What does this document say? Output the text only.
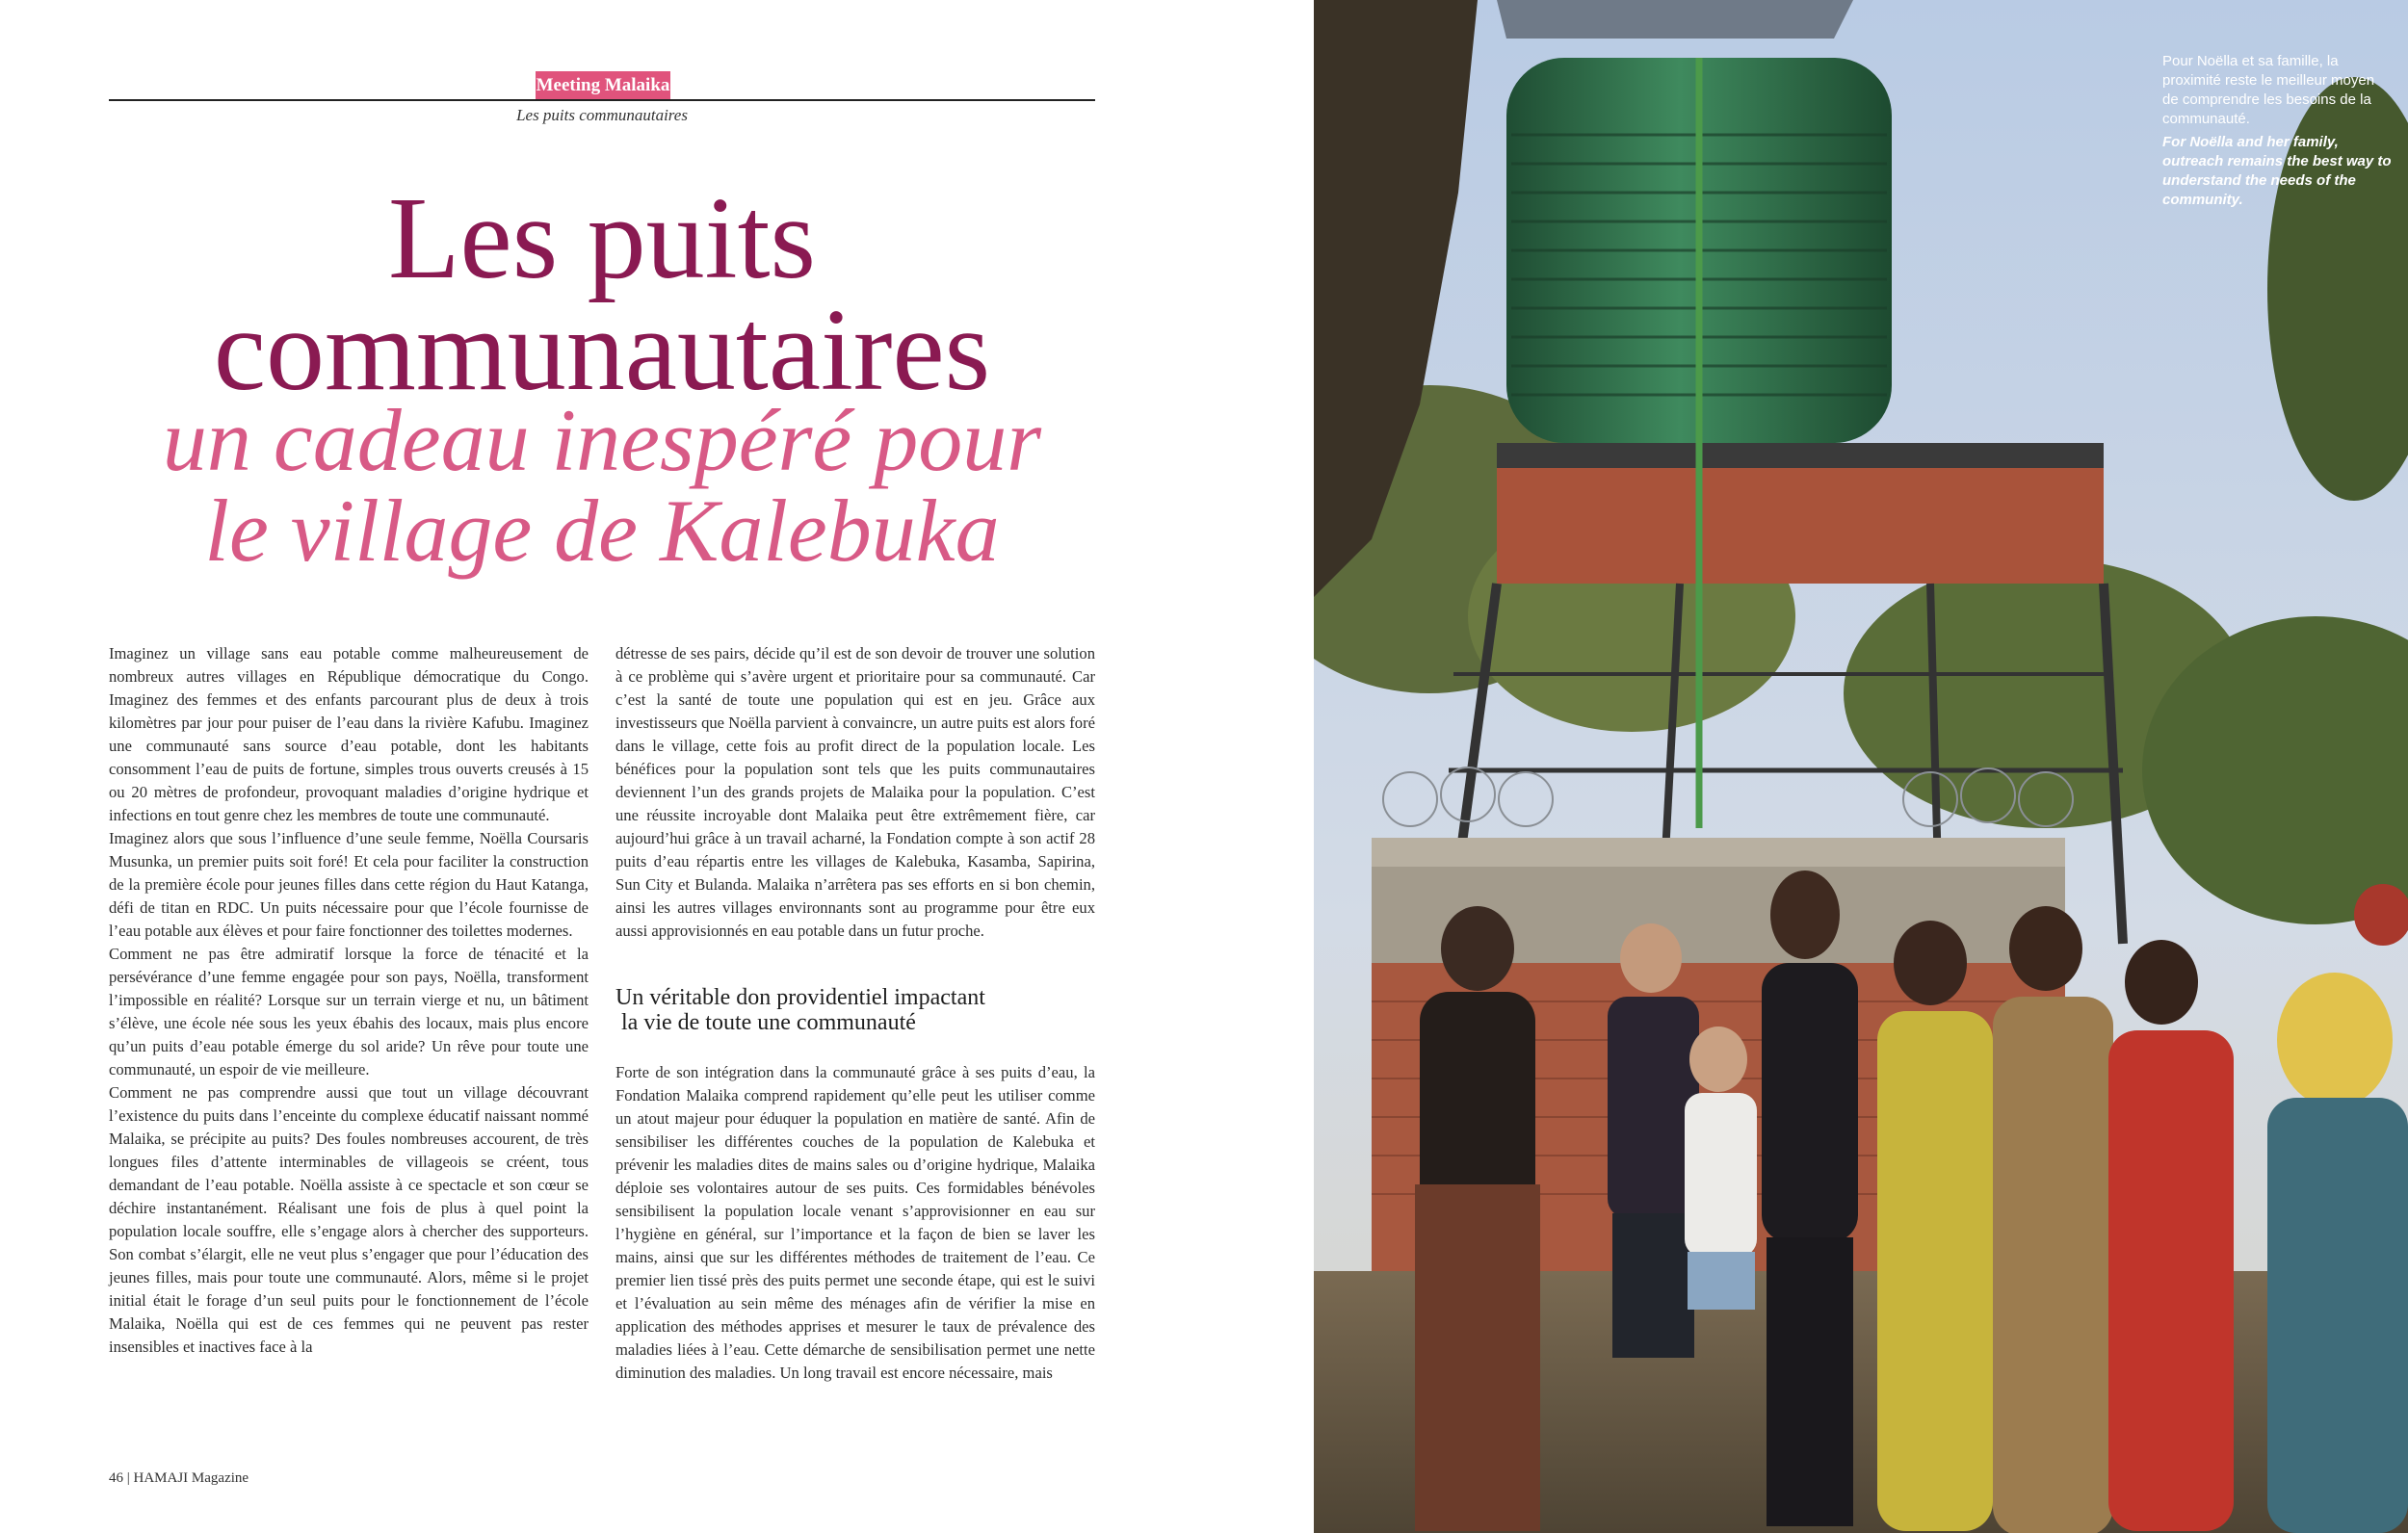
Meeting Malaika
Les puits communautaires
Les puits
communautaires
un cadeau inespéré pour
le village de Kalebuka

Imaginez un village sans eau potable comme malheureusement de nombreux autres villages en République démocratique du Congo. Imaginez des femmes et des enfants parcourant plus de deux à trois kilomètres par jour pour puiser de l’eau dans la rivière Kafubu. Imaginez une communauté sans source d’eau potable, dont les habitants consomment l’eau de puits de fortune, simples trous ouverts creusés à 15 ou 20 mètres de profondeur, provoquant maladies d’origine hydrique et infections en tout genre chez les membres de toute une communauté.

Imaginez alors que sous l’influence d’une seule femme, Noëlla Coursaris Musunka, un premier puits soit foré! Et cela pour faciliter la construction de la première école pour jeunes filles dans cette région du Haut Katanga, défi de titan en RDC. Un puits nécessaire pour que l’école fournisse de l’eau potable aux élèves et pour faire fonctionner des toilettes modernes.

Comment ne pas être admiratif lorsque la force de ténacité et la persévérance d’une femme engagée pour son pays, Noëlla, transforment l’impossible en réalité? Lorsque sur un terrain vierge et nu, un bâtiment s’élève, une école née sous les yeux ébahis des locaux, mais plus encore qu’un puits d’eau potable émerge du sol aride? Un rêve pour toute une communauté, un espoir de vie meilleure.

Comment ne pas comprendre aussi que tout un village découvrant l’existence du puits dans l’enceinte du complexe éducatif naissant nommé Malaika, se précipite au puits? Des foules nombreuses accourent, de très longues files d’attente interminables de villageois se créent, tous demandant de l’eau potable. Noëlla assiste à ce spectacle et son cœur se déchire instantanément. Réalisant une fois de plus à quel point la population locale souffre, elle s’engage alors à chercher des supporteurs. Son combat s’élargit, elle ne veut plus s’engager que pour l’éducation des jeunes filles, mais pour toute une communauté. Alors, même si le projet initial était le forage d’un seul puits pour le fonctionnement de l’école Malaika, Noëlla qui est de ces femmes qui ne peuvent pas rester insensibles et inactives face à la

détresse de ses pairs, décide qu’il est de son devoir de trouver une solution à ce problème qui s’avère urgent et prioritaire pour sa communauté. Car c’est la santé de toute une population qui est en jeu. Grâce aux investisseurs que Noëlla parvient à convaincre, un autre puits est alors foré dans le village, cette fois au profit direct de la population locale. Les bénéfices pour la population sont tels que les puits communautaires deviennent l’un des grands projets de Malaika pour la population. C’est une réussite incroyable dont Malaika peut être extrêmement fière, car aujourd’hui grâce à un travail acharné, la Fondation compte à son actif 28 puits d’eau répartis entre les villages de Kalebuka, Kasamba, Sapirina, Sun City et Bulanda. Malaika n’arrêtera pas ses efforts en si bon chemin, ainsi les autres villages environnants sont au programme pour être eux aussi approvisionnés en eau potable dans un futur proche.

Un véritable don providentiel impactant
la vie de toute une communauté

Forte de son intégration dans la communauté grâce à ses puits d’eau, la Fondation Malaika comprend rapidement qu’elle peut les utiliser comme un atout majeur pour éduquer la population en matière de santé. Afin de sensibiliser les différentes couches de la population de Kalebuka et prévenir les maladies dites de mains sales ou d’origine hydrique, Malaika déploie ses volontaires autour de ses puits. Ces formidables bénévoles sensibilisent la population locale venant s’approvisionner en eau sur l’hygiène en général, sur l’importance et la façon de bien se laver les mains, ainsi que sur les différentes méthodes de traitement de l’eau. Ce premier lien tissé près des puits permet une seconde étape, qui est le suivi et l’évaluation au sein même des ménages afin de vérifier la mise en application des méthodes apprises et mesurer le taux de prévalence des maladies liées à l’eau. Cette démarche de sensibilisation permet une nette diminution des maladies. Un long travail est encore nécessaire, mais

46 | HAMAJI Magazine

Pour Noëlla et sa famille, la proximité reste le meilleur moyen de comprendre les besoins de la communauté.

For Noëlla and her family, outreach remains the best way to understand the needs of the community.
